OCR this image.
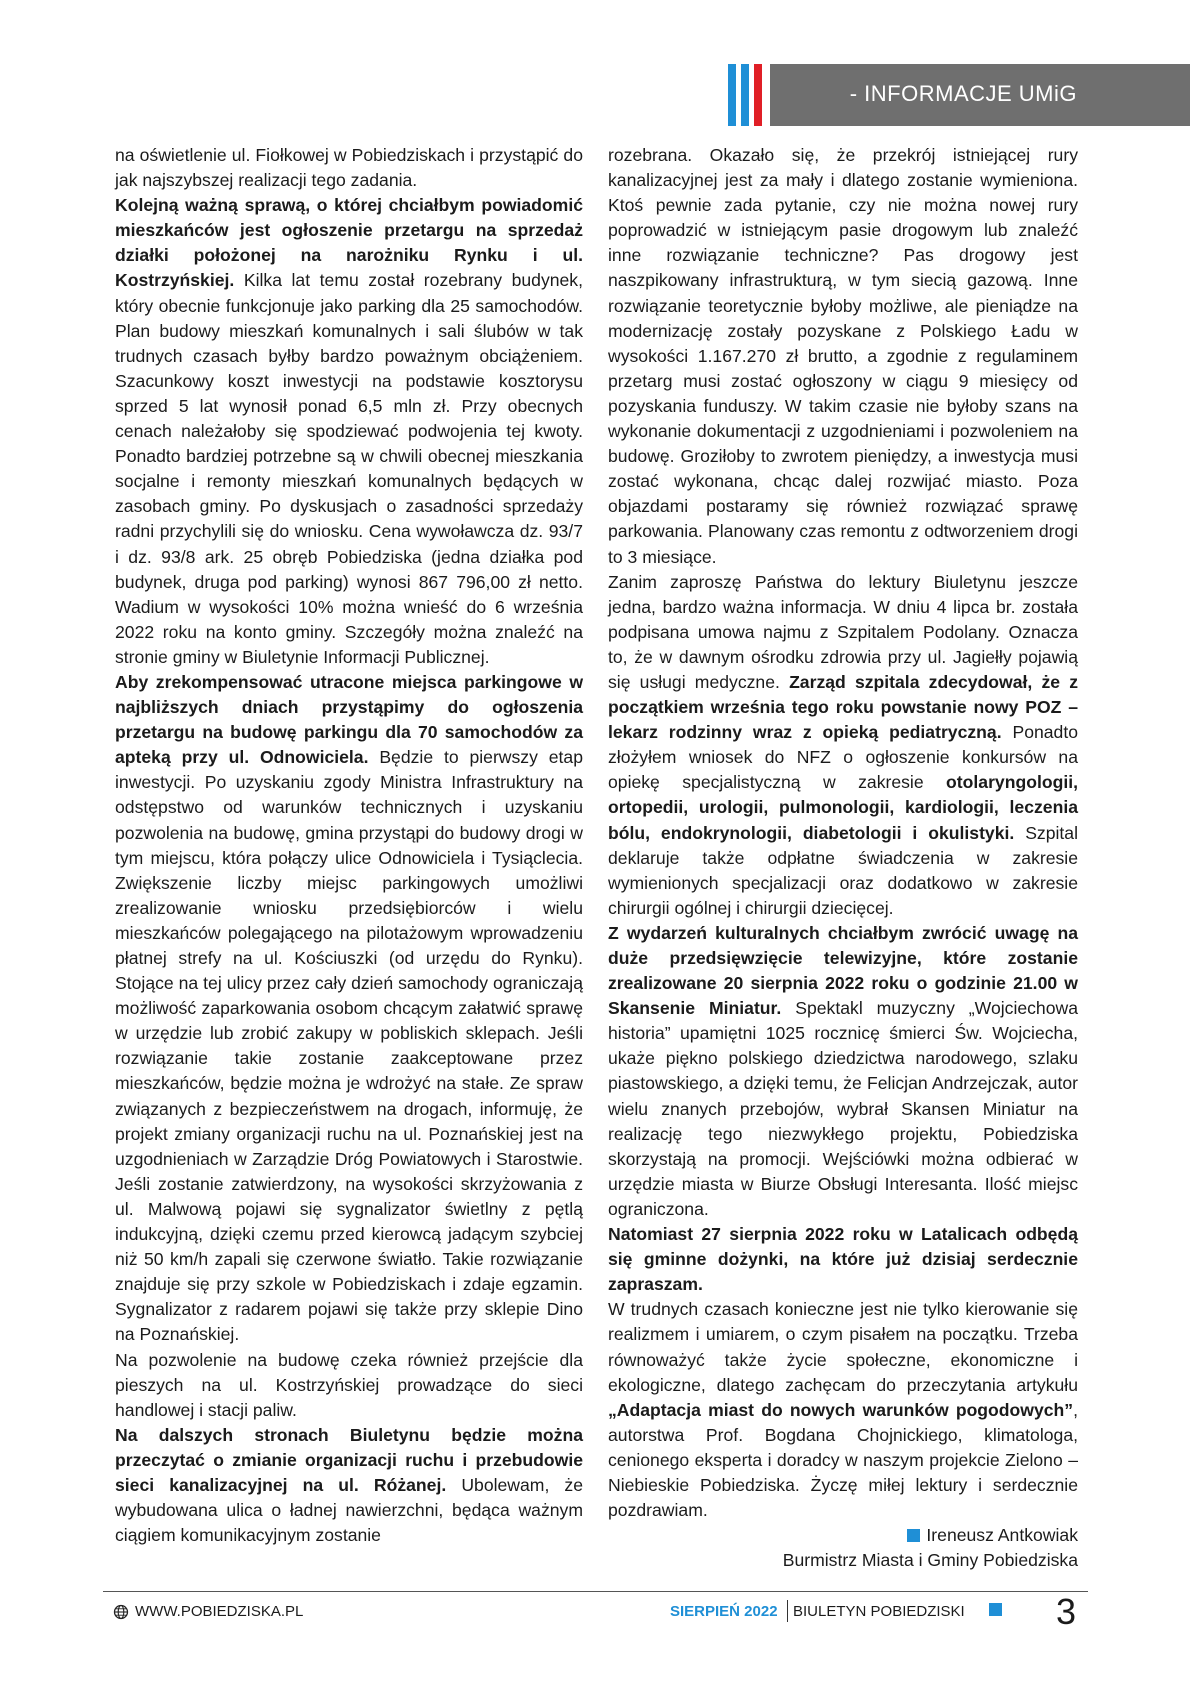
- INFORMACJE UMiG

na oświetlenie ul. Fiołkowej w Pobiedziskach i przystąpić do jak najszybszej realizacji tego zadania.

Kolejną ważną sprawą, o której chciałbym powiadomić mieszkańców jest ogłoszenie przetargu na sprzedaż działki położonej na narożniku Rynku i ul. Kostrzyńskiej. Kilka lat temu został rozebrany budynek, który obecnie funkcjonuje jako parking dla 25 samochodów. Plan budowy mieszkań komunalnych i sali ślubów w tak trudnych czasach byłby bardzo poważnym obciążeniem. Szacunkowy koszt inwestycji na podstawie kosztorysu sprzed 5 lat wynosił ponad 6,5 mln zł. Przy obecnych cenach należałoby się spodziewać podwojenia tej kwoty. Ponadto bardziej potrzebne są w chwili obecnej mieszkania socjalne i remonty mieszkań komunalnych będących w zasobach gminy. Po dyskusjach o zasadności sprzedaży radni przychylili się do wniosku. Cena wywoławcza dz. 93/7 i dz. 93/8 ark. 25 obręb Pobiedziska (jedna działka pod budynek, druga pod parking) wynosi 867 796,00 zł netto. Wadium w wysokości 10% można wnieść do 6 września 2022 roku na konto gminy. Szczegóły można znaleźć na stronie gminy w Biuletynie Informacji Publicznej.

Aby zrekompensować utracone miejsca parkingowe w najbliższych dniach przystąpimy do ogłoszenia przetargu na budowę parkingu dla 70 samochodów za apteką przy ul. Odnowiciela. Będzie to pierwszy etap inwestycji. Po uzyskaniu zgody Ministra Infrastruktury na odstępstwo od warunków technicznych i uzyskaniu pozwolenia na budowę, gmina przystąpi do budowy drogi w tym miejscu, która połączy ulice Odnowiciela i Tysiąclecia. Zwiększenie liczby miejsc parkingowych umożliwi zrealizowanie wniosku przedsiębiorców i wielu mieszkańców polegającego na pilotażowym wprowadzeniu płatnej strefy na ul. Kościuszki (od urzędu do Rynku). Stojące na tej ulicy przez cały dzień samochody ograniczają możliwość zaparkowania osobom chcącym załatwić sprawę w urzędzie lub zrobić zakupy w pobliskich sklepach. Jeśli rozwiązanie takie zostanie zaakceptowane przez mieszkańców, będzie można je wdrożyć na stałe. Ze spraw związanych z bezpieczeństwem na drogach, informuję, że projekt zmiany organizacji ruchu na ul. Poznańskiej jest na uzgodnieniach w Zarządzie Dróg Powiatowych i Starostwie. Jeśli zostanie zatwierdzony, na wysokości skrzyżowania z ul. Malwową pojawi się sygnalizator świetlny z pętlą indukcyjną, dzięki czemu przed kierowcą jadącym szybciej niż 50 km/h zapali się czerwone światło. Takie rozwiązanie znajduje się przy szkole w Pobiedziskach i zdaje egzamin. Sygnalizator z radarem pojawi się także przy sklepie Dino na Poznańskiej.

Na pozwolenie na budowę czeka również przejście dla pieszych na ul. Kostrzyńskiej prowadzące do sieci handlowej i stacji paliw.

Na dalszych stronach Biuletynu będzie można przeczytać o zmianie organizacji ruchu i przebudowie sieci kanalizacyjnej na ul. Różanej. Ubolewam, że wybudowana ulica o ładnej nawierzchni, będąca ważnym ciągiem komunikacyjnym zostanie

rozebrana. Okazało się, że przekrój istniejącej rury kanalizacyjnej jest za mały i dlatego zostanie wymieniona. Ktoś pewnie zada pytanie, czy nie można nowej rury poprowadzić w istniejącym pasie drogowym lub znaleźć inne rozwiązanie techniczne? Pas drogowy jest naszpikowany infrastrukturą, w tym siecią gazową. Inne rozwiązanie teoretycznie byłoby możliwe, ale pieniądze na modernizację zostały pozyskane z Polskiego Ładu w wysokości 1.167.270 zł brutto, a zgodnie z regulaminem przetarg musi zostać ogłoszony w ciągu 9 miesięcy od pozyskania funduszy. W takim czasie nie byłoby szans na wykonanie dokumentacji z uzgodnieniami i pozwoleniem na budowę. Groziłoby to zwrotem pieniędzy, a inwestycja musi zostać wykonana, chcąc dalej rozwijać miasto. Poza objazdami postaramy się również rozwiązać sprawę parkowania. Planowany czas remontu z odtworzeniem drogi to 3 miesiące.

Zanim zaproszę Państwa do lektury Biuletynu jeszcze jedna, bardzo ważna informacja. W dniu 4 lipca br. została podpisana umowa najmu z Szpitalem Podolany. Oznacza to, że w dawnym ośrodku zdrowia przy ul. Jagiełły pojawią się usługi medyczne. Zarząd szpitala zdecydował, że z początkiem września tego roku powstanie nowy POZ – lekarz rodzinny wraz z opieką pediatryczną. Ponadto złożyłem wniosek do NFZ o ogłoszenie konkursów na opiekę specjalistyczną w zakresie otolaryngologii, ortopedii, urologii, pulmonologii, kardiologii, leczenia bólu, endokrynologii, diabetologii i okulistyki. Szpital deklaruje także odpłatne świadczenia w zakresie wymienionych specjalizacji oraz dodatkowo w zakresie chirurgii ogólnej i chirurgii dziecięcej.

Z wydarzeń kulturalnych chciałbym zwrócić uwagę na duże przedsięwzięcie telewizyjne, które zostanie zrealizowane 20 sierpnia 2022 roku o godzinie 21.00 w Skansenie Miniatur. Spektakl muzyczny „Wojciechowa historia” upamiętni 1025 rocznicę śmierci Św. Wojciecha, ukaże piękno polskiego dziedzictwa narodowego, szlaku piastowskiego, a dzięki temu, że Felicjan Andrzejczak, autor wielu znanych przebojów, wybrał Skansen Miniatur na realizację tego niezwykłego projektu, Pobiedziska skorzystają na promocji. Wejściówki można odbierać w urzędzie miasta w Biurze Obsługi Interesanta. Ilość miejsc ograniczona.

Natomiast 27 sierpnia 2022 roku w Latalicach odbędą się gminne dożynki, na które już dzisiaj serdecznie zapraszam.

W trudnych czasach konieczne jest nie tylko kierowanie się realizmem i umiarem, o czym pisałem na początku. Trzeba równoważyć także życie społeczne, ekonomiczne i ekologiczne, dlatego zachęcam do przeczytania artykułu „Adaptacja miast do nowych warunków pogodowych”, autorstwa Prof. Bogdana Chojnickiego, klimatologa, cenionego eksperta i doradcy w naszym projekcie Zielono – Niebieskie Pobiedziska. Życzę miłej lektury i serdecznie pozdrawiam.

Ireneusz Antkowiak

Burmistrz Miasta i Gminy Pobiedziska

WWW.POBIEDZISKA.PL	SIERPIEŃ 2022 BIULETYN POBIEDZISKI	3
